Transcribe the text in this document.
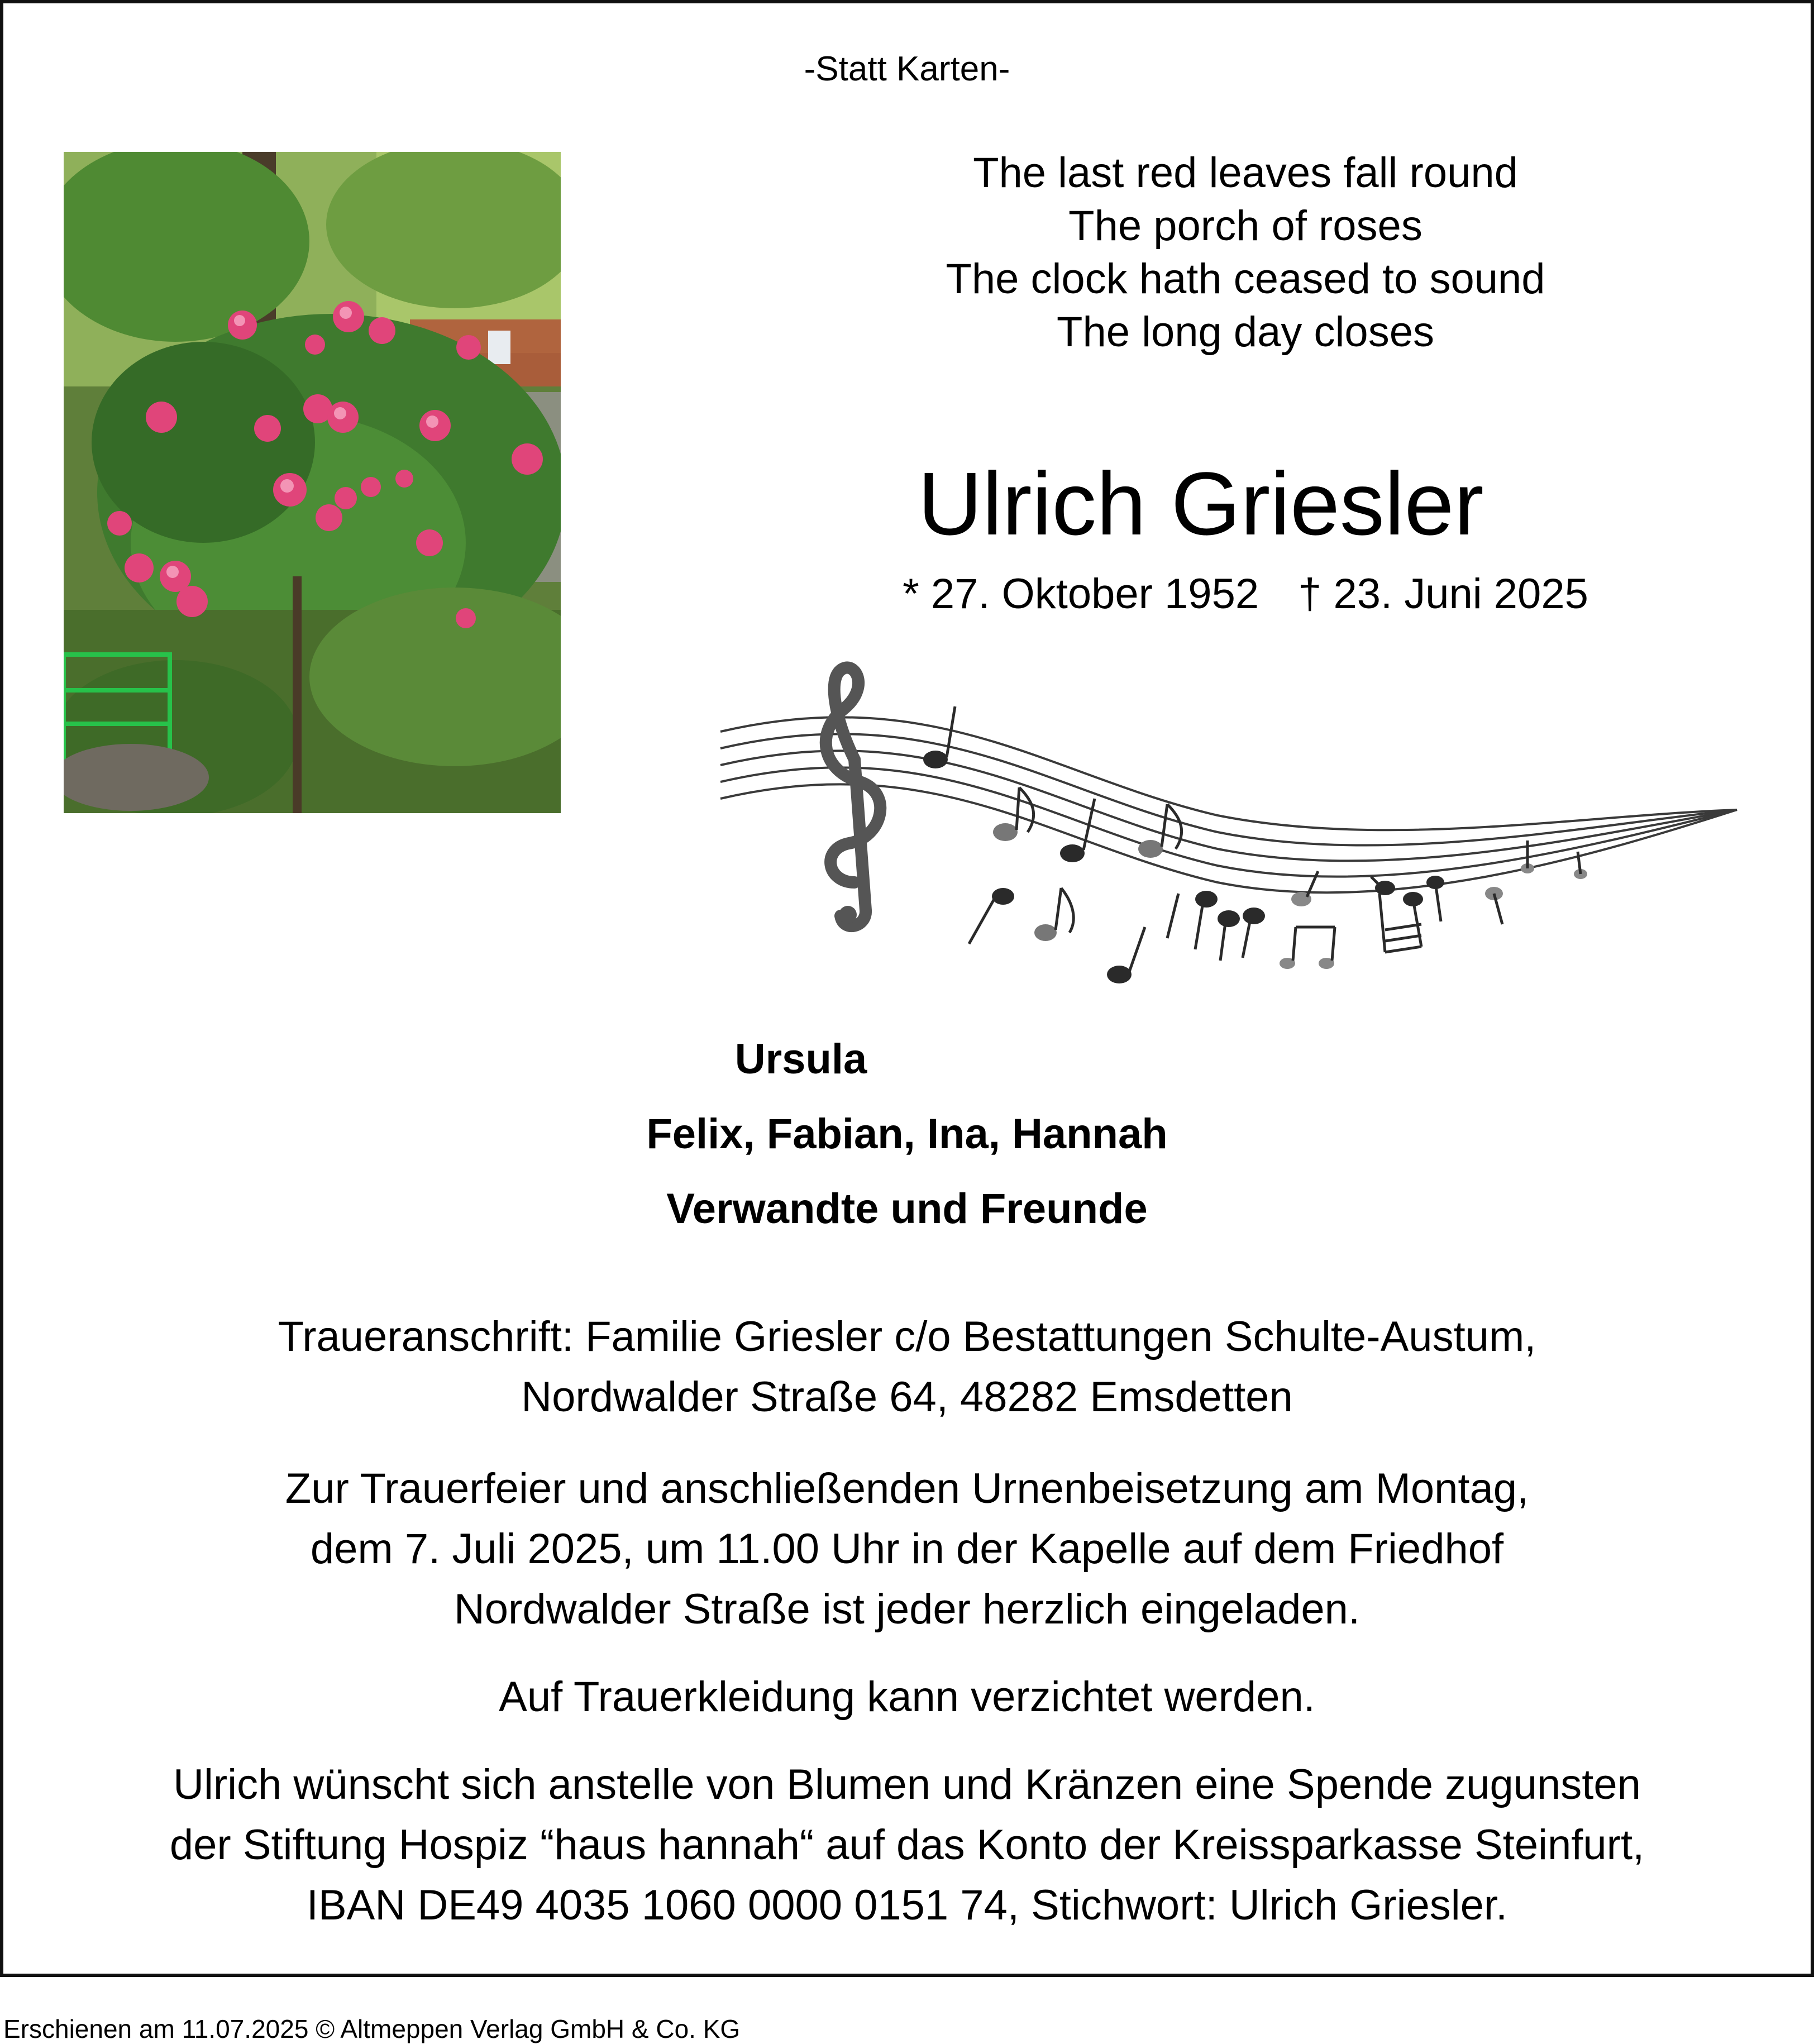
-Statt Karten-
The last red leaves fall round
The porch of roses
The clock hath ceased to sound
The long day closes
Ulrich Griesler
* 27. Oktober 1952 † 23. Juni 2025
Ursula
Felix, Fabian, Ina, Hannah
Verwandte und Freunde
Traueranschrift: Familie Griesler c/o Bestattungen Schulte-Austum,
Nordwalder Straße 64, 48282 Emsdetten
Zur Trauerfeier und anschließenden Urnenbeisetzung am Montag,
dem 7. Juli 2025, um 11.00 Uhr in der Kapelle auf dem Friedhof
Nordwalder Straße ist jeder herzlich eingeladen.
Auf Trauerkleidung kann verzichtet werden.
Ulrich wünscht sich anstelle von Blumen und Kränzen eine Spende zugunsten
der Stiftung Hospiz “haus hannah“ auf das Konto der Kreissparkasse Steinfurt,
IBAN DE49 4035 1060 0000 0151 74, Stichwort: Ulrich Griesler.
Erschienen am 11.07.2025 © Altmeppen Verlag GmbH & Co. KG
